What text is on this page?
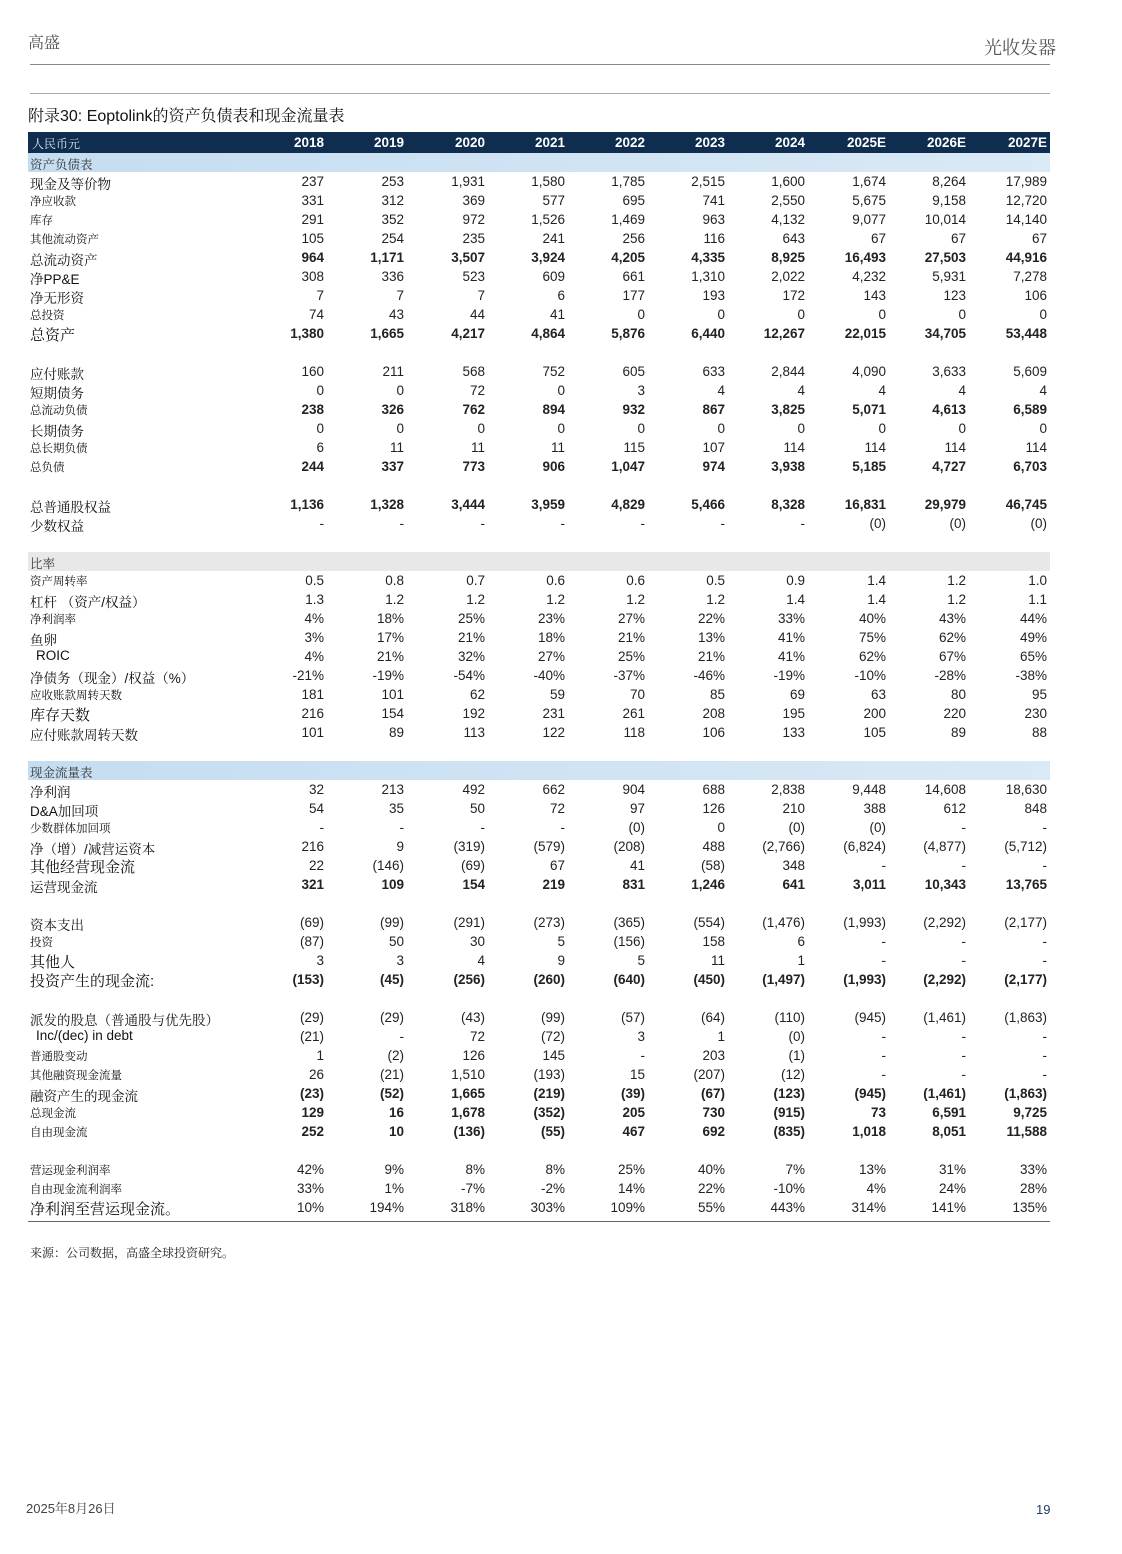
高盛	光收发器
附录30: Eoptolink的资产负债表和现金流量表
人民币元	2018	2019	2020	2021	2022	2023	2024	2025E	2026E	2027E
资产负债表
现金及等价物	237	253	1,931	1,580	1,785	2,515	1,600	1,674	8,264	17,989
净应收款	331	312	369	577	695	741	2,550	5,675	9,158	12,720
库存	291	352	972	1,526	1,469	963	4,132	9,077	10,014	14,140
其他流动资产	105	254	235	241	256	116	643	67	67	67
总流动资产	964	1,171	3,507	3,924	4,205	4,335	8,925	16,493	27,503	44,916
净PP&E	308	336	523	609	661	1,310	2,022	4,232	5,931	7,278
净无形资	7	7	7	6	177	193	172	143	123	106
总投资	74	43	44	41	0	0	0	0	0	0
总资产	1,380	1,665	4,217	4,864	5,876	6,440	12,267	22,015	34,705	53,448
应付账款	160	211	568	752	605	633	2,844	4,090	3,633	5,609
短期债务	0	0	72	0	3	4	4	4	4	4
总流动负债	238	326	762	894	932	867	3,825	5,071	4,613	6,589
长期债务	0	0	0	0	0	0	0	0	0	0
总长期负债	6	11	11	11	115	107	114	114	114	114
总负债	244	337	773	906	1,047	974	3,938	5,185	4,727	6,703
总普通股权益	1,136	1,328	3,444	3,959	4,829	5,466	8,328	16,831	29,979	46,745
少数权益	-	-	-	-	-	-	-	(0)	(0)	(0)
比率
资产周转率	0.5	0.8	0.7	0.6	0.6	0.5	0.9	1.4	1.2	1.0
杠杆 （资产/权益）	1.3	1.2	1.2	1.2	1.2	1.2	1.4	1.4	1.2	1.1
净利润率	4%	18%	25%	23%	27%	22%	33%	40%	43%	44%
鱼卵	3%	17%	21%	18%	21%	13%	41%	75%	62%	49%
ROIC	4%	21%	32%	27%	25%	21%	41%	62%	67%	65%
净债务（现金）/权益（%）	-21%	-19%	-54%	-40%	-37%	-46%	-19%	-10%	-28%	-38%
应收账款周转天数	181	101	62	59	70	85	69	63	80	95
库存天数	216	154	192	231	261	208	195	200	220	230
应付账款周转天数	101	89	113	122	118	106	133	105	89	88
现金流量表
净利润	32	213	492	662	904	688	2,838	9,448	14,608	18,630
D&A加回项	54	35	50	72	97	126	210	388	612	848
少数群体加回项	-	-	-	-	(0)	0	(0)	(0)	-	-
净（增）/减营运资本	216	9	(319)	(579)	(208)	488	(2,766)	(6,824)	(4,877)	(5,712)
其他经营现金流	22	(146)	(69)	67	41	(58)	348	-	-	-
运营现金流	321	109	154	219	831	1,246	641	3,011	10,343	13,765
资本支出	(69)	(99)	(291)	(273)	(365)	(554)	(1,476)	(1,993)	(2,292)	(2,177)
投资	(87)	50	30	5	(156)	158	6	-	-	-
其他人	3	3	4	9	5	11	1	-	-	-
投资产生的现金流:	(153)	(45)	(256)	(260)	(640)	(450)	(1,497)	(1,993)	(2,292)	(2,177)
派发的股息（普通股与优先股）	(29)	(29)	(43)	(99)	(57)	(64)	(110)	(945)	(1,461)	(1,863)
Inc/(dec) in debt	(21)	-	72	(72)	3	1	(0)	-	-	-
普通股变动	1	(2)	126	145	-	203	(1)	-	-	-
其他融资现金流量	26	(21)	1,510	(193)	15	(207)	(12)	-	-	-
融资产生的现金流	(23)	(52)	1,665	(219)	(39)	(67)	(123)	(945)	(1,461)	(1,863)
总现金流	129	16	1,678	(352)	205	730	(915)	73	6,591	9,725
自由现金流	252	10	(136)	(55)	467	692	(835)	1,018	8,051	11,588
营运现金利润率	42%	9%	8%	8%	25%	40%	7%	13%	31%	33%
自由现金流利润率	33%	1%	-7%	-2%	14%	22%	-10%	4%	24%	28%
净利润至营运现金流。	10%	194%	318%	303%	109%	55%	443%	314%	141%	135%
来源：公司数据，高盛全球投资研究。
2025年8月26日	19
